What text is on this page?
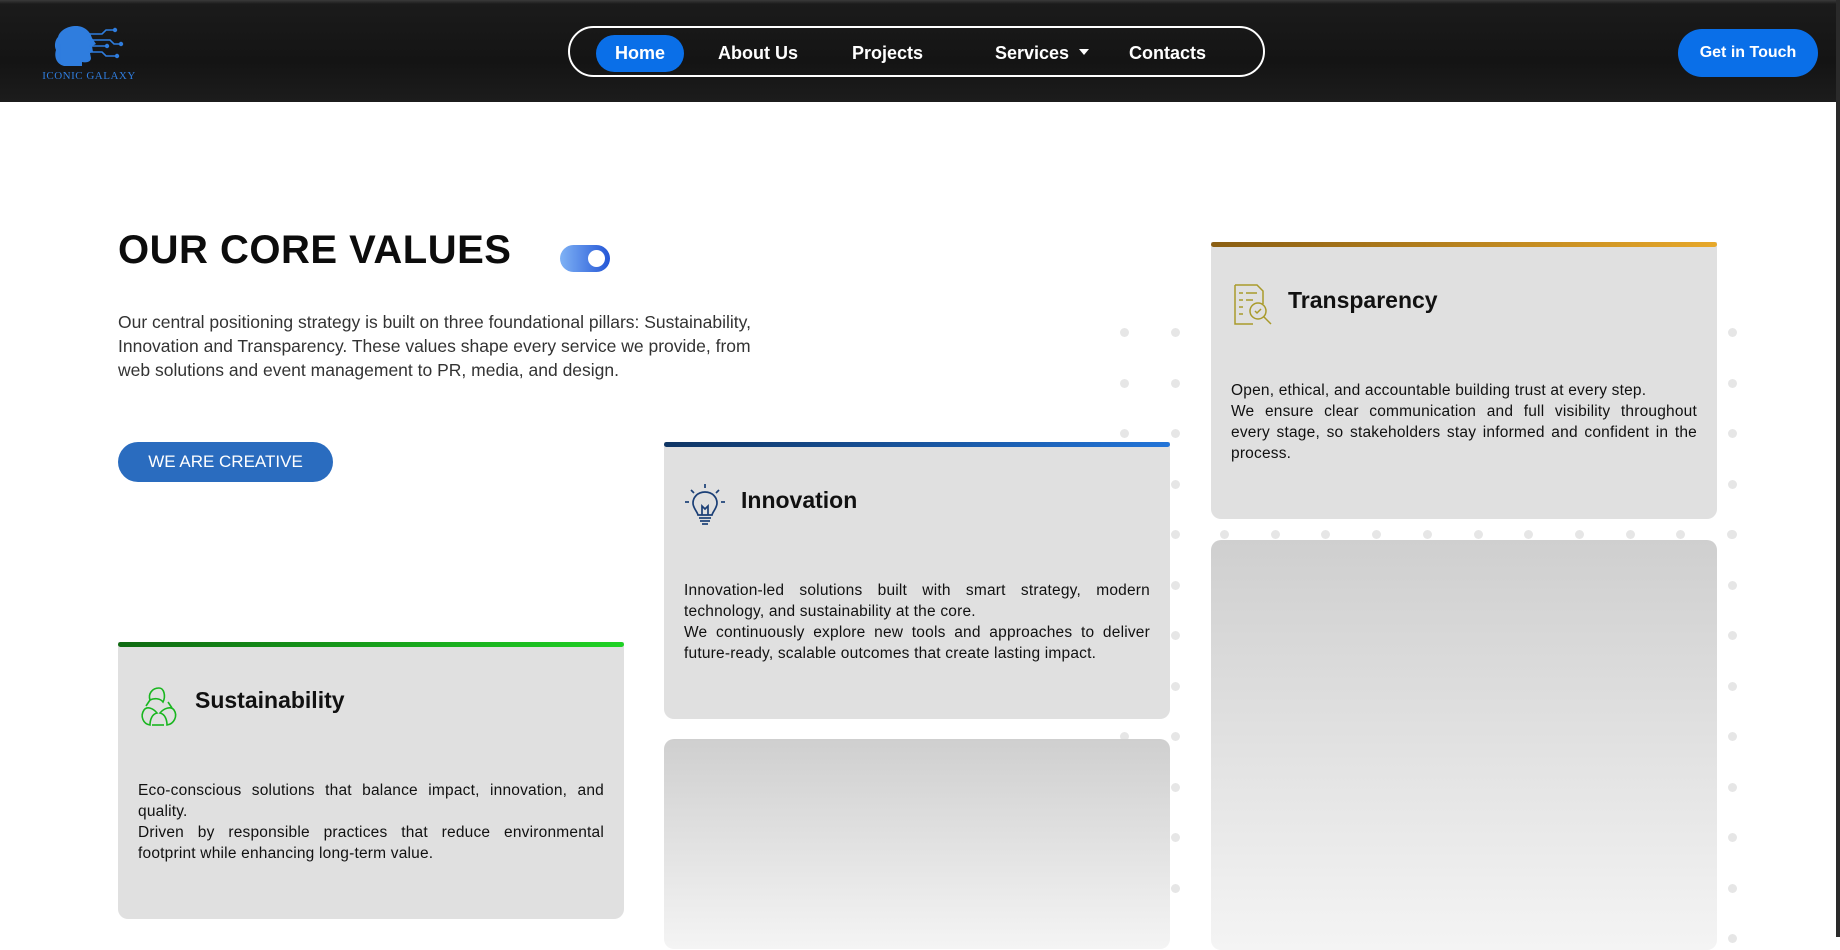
ICONIC GALAXY
Home	About Us	Projects	Services	Contacts	Get in Touch
OUR CORE VALUES
Our central positioning strategy is built on three foundational pillars: Sustainability, Innovation and Transparency. These values shape every service we provide, from web solutions and event management to PR, media, and design.
WE ARE CREATIVE
Sustainability

Eco-conscious solutions that balance impact, innovation, and quality.

Driven by responsible practices that reduce environmental footprint while enhancing long-term value.

Innovation

Innovation-led solutions built with smart strategy, modern technology, and sustainability at the core.

We continuously explore new tools and approaches to deliver future-ready, scalable outcomes that create lasting impact.

Transparency

Open, ethical, and accountable building trust at every step.

We ensure clear communication and full visibility throughout every stage, so stakeholders stay informed and confident in the process.
